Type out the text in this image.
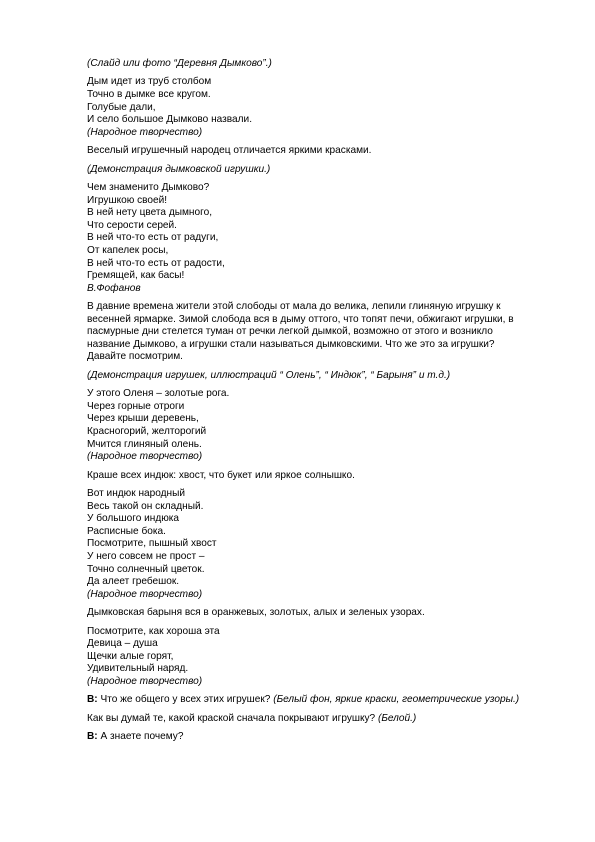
(Слайд или фото “Деревня Дымково”.)
Дым идет из труб столбом
Точно в дымке все кругом.
Голубые дали,
И село большое Дымково назвали.
(Народное творчество)
Веселый игрушечный народец отличается яркими красками.
(Демонстрация дымковской игрушки.)
Чем знаменито Дымково?
Игрушкою своей!
В ней нету цвета дымного,
Что серости серей.
В ней что-то есть от радуги,
От капелек росы,
В ней что-то есть от радости,
Гремящей, как басы!
В.Фофанов
В давние времена жители этой слободы от мала до велика, лепили глиняную игрушку к
весенней ярмарке. Зимой слобода вся в дыму оттого, что топят печи, обжигают игрушки, в
пасмурные дни стелется туман от речки легкой дымкой, возможно от этого и возникло
название Дымково, а игрушки стали называться дымковскими. Что же это за игрушки?
Давайте посмотрим.
(Демонстрация игрушек, иллюстраций “ Олень”, “ Индюк”, “ Барыня” и т.д.)
У этого Оленя – золотые рога.
Через горные отроги
Через крыши деревень,
Красногорий, желторогий
Мчится глиняный олень.
(Народное творчество)
Краше всех индюк: хвост, что букет или яркое солнышко.
Вот индюк народный
Весь такой он складный.
У большого индюка
Расписные бока.
Посмотрите, пышный хвост
У него совсем не прост –
Точно солнечный цветок.
Да алеет гребешок.
(Народное творчество)
Дымковская барыня вся в оранжевых, золотых, алых и зеленых узорах.
Посмотрите, как хороша эта
Девица – душа
Щечки алые горят,
Удивительный наряд.
(Народное творчество)
В: Что же общего у всех этих игрушек? (Белый фон, яркие краски, геометрические узоры.)
Как вы думай те, какой краской сначала покрывают игрушку? (Белой.)
В: А знаете почему?
